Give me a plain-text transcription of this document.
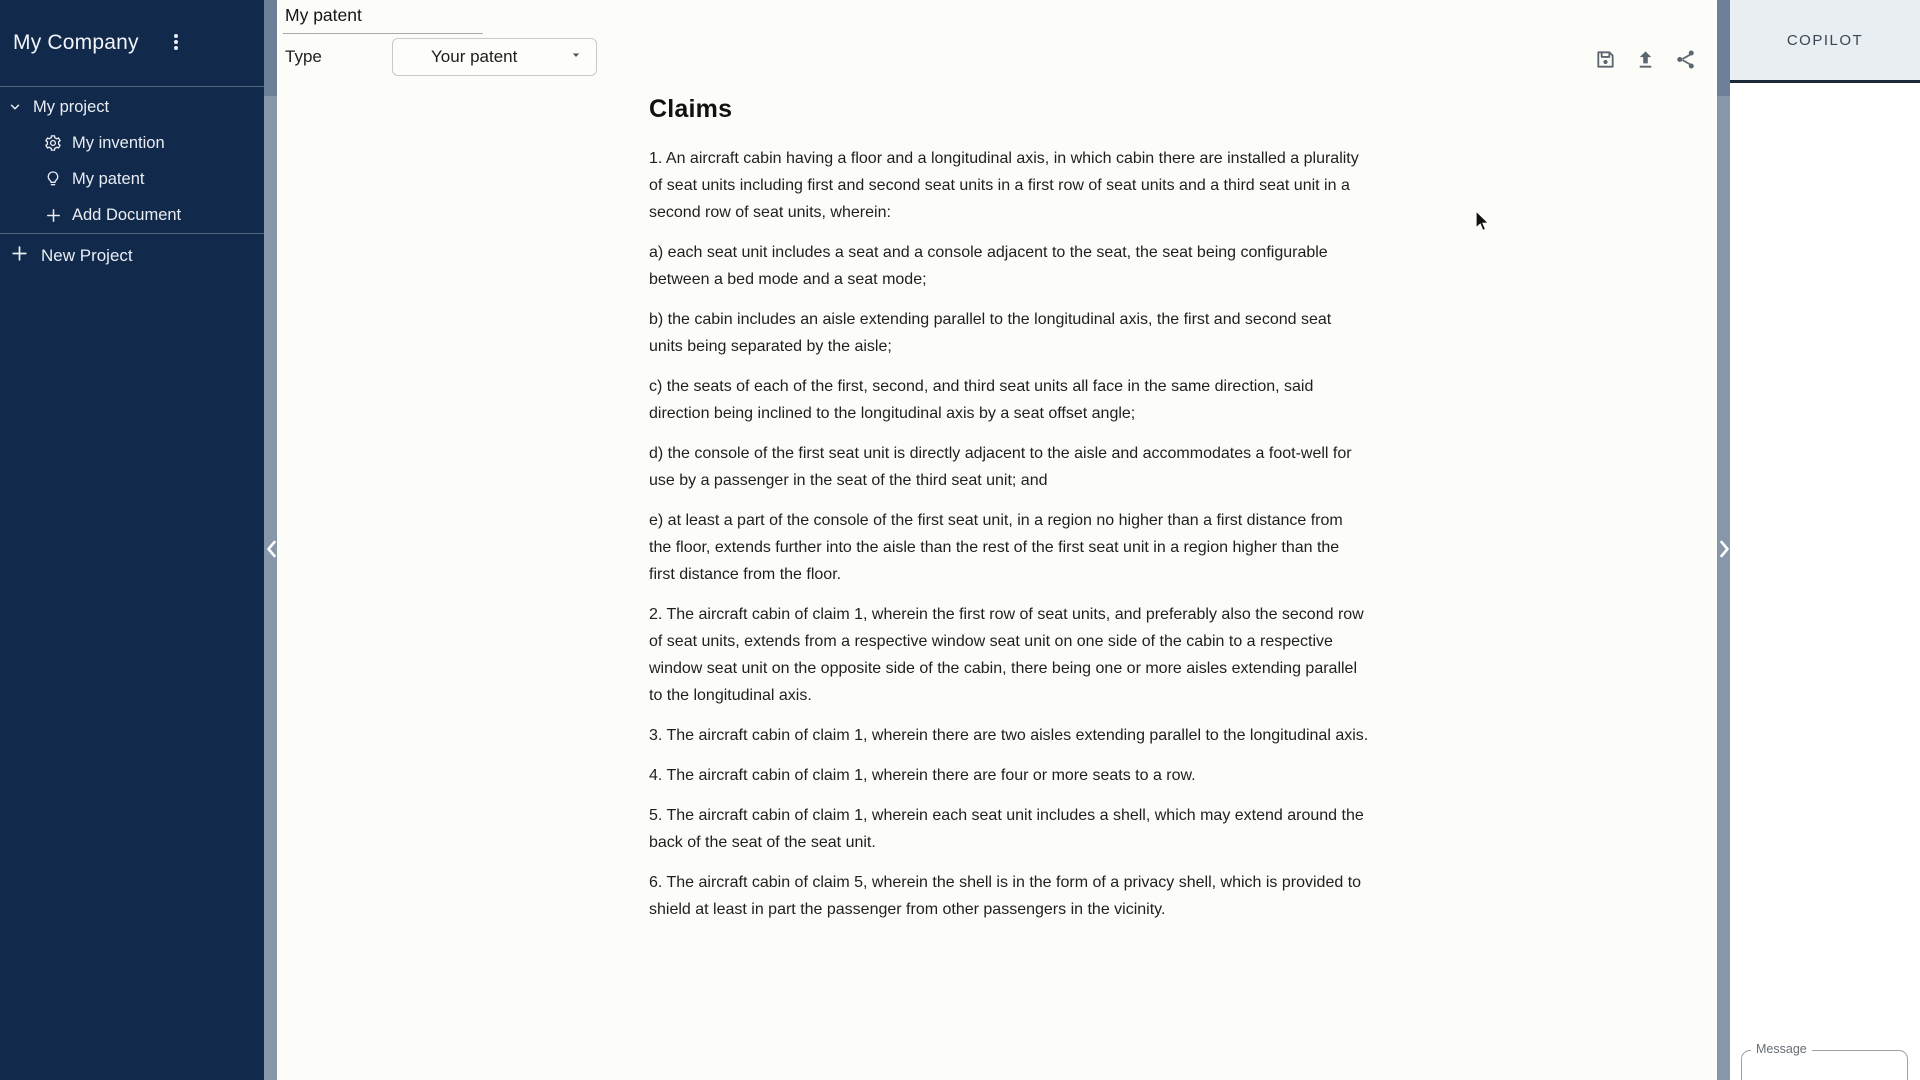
My Company
My project
My invention
My patent
Add Document
New Project
My patent
Type	Your patent
Claims

1. An aircraft cabin having a floor and a longitudinal axis, in which cabin there are installed a plurality of seat units including first and second seat units in a first row of seat units and a third seat unit in a second row of seat units, wherein:

a) each seat unit includes a seat and a console adjacent to the seat, the seat being configurable between a bed mode and a seat mode;

b) the cabin includes an aisle extending parallel to the longitudinal axis, the first and second seat units being separated by the aisle;

c) the seats of each of the first, second, and third seat units all face in the same direction, said direction being inclined to the longitudinal axis by a seat offset angle;

d) the console of the first seat unit is directly adjacent to the aisle and accommodates a foot-well for use by a passenger in the seat of the third seat unit; and

e) at least a part of the console of the first seat unit, in a region no higher than a first distance from the floor, extends further into the aisle than the rest of the first seat unit in a region higher than the first distance from the floor.

2. The aircraft cabin of claim 1, wherein the first row of seat units, and preferably also the second row of seat units, extends from a respective window seat unit on one side of the cabin to a respective window seat unit on the opposite side of the cabin, there being one or more aisles extending parallel to the longitudinal axis.

3. The aircraft cabin of claim 1, wherein there are two aisles extending parallel to the longitudinal axis.

4. The aircraft cabin of claim 1, wherein there are four or more seats to a row.

5. The aircraft cabin of claim 1, wherein each seat unit includes a shell, which may extend around the back of the seat of the seat unit.

6. The aircraft cabin of claim 5, wherein the shell is in the form of a privacy shell, which is provided to shield at least in part the passenger from other passengers in the vicinity.

COPILOT
Message
